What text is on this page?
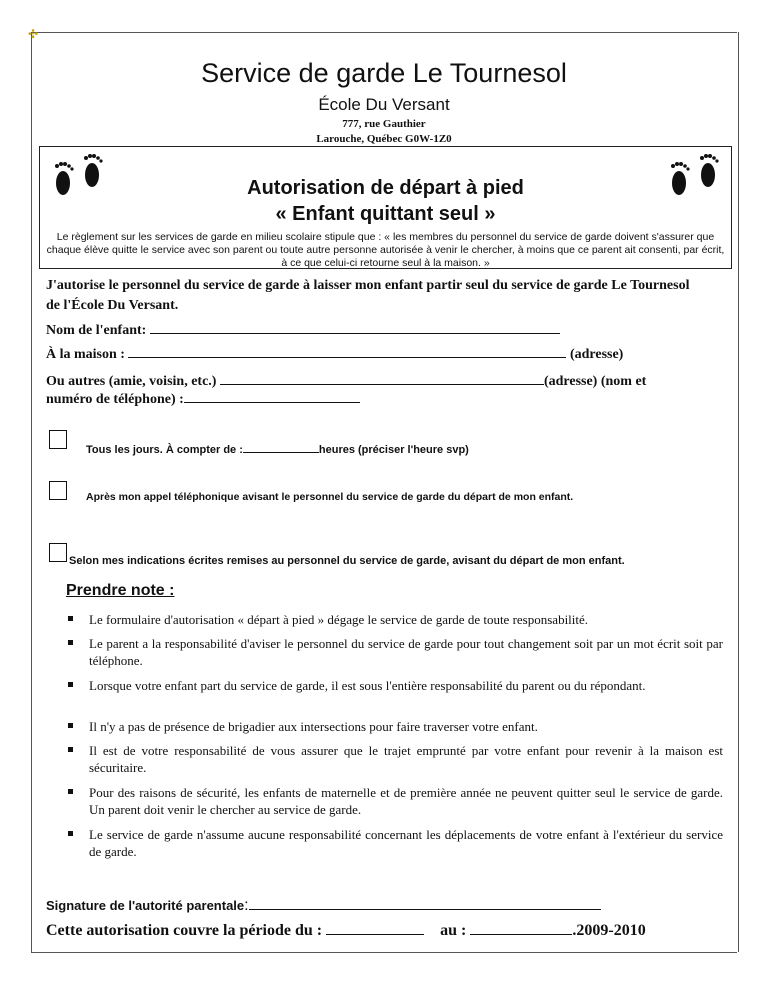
✣
Service de garde Le Tournesol
École Du Versant
777, rue Gauthier
Larouche, Québec G0W-1Z0
Autorisation de départ à pied
« Enfant quittant seul »
Le règlement sur les services de garde en milieu scolaire stipule que : « les membres du personnel du service de garde doivent s'assurer que chaque élève quitte le service avec son parent ou toute autre personne autorisée à venir le chercher, à moins que ce parent ait consenti, par écrit, à ce que celui-ci retourne seul à la maison. »
J'autorise le personnel du service de garde à laisser mon enfant partir seul du service de garde Le Tournesol de l'École Du Versant.
Nom de l'enfant:
À la maison :	(adresse)
Ou autres (amie, voisin, etc.)	(adresse) (nom et
numéro de téléphone) :
Tous les jours. À compter de :	heures (préciser l'heure svp)
Après mon appel téléphonique avisant le personnel du service de garde du départ de mon enfant.
Selon mes indications écrites remises au personnel du service de garde, avisant du départ de mon enfant.
Prendre note :
Le formulaire d'autorisation « départ à pied » dégage le service de garde de toute responsabilité.
Le parent a la responsabilité d'aviser le personnel du service de garde pour tout changement soit par un mot écrit soit par téléphone.
Lorsque votre enfant part du service de garde, il est sous l'entière responsabilité du parent ou du répondant.
Il n'y a pas de présence de brigadier aux intersections pour faire traverser votre enfant.
Il est de votre responsabilité de vous assurer que le trajet emprunté par votre enfant pour revenir à la maison est sécuritaire.
Pour des raisons de sécurité, les enfants de maternelle et de première année ne peuvent quitter seul le service de garde. Un parent doit venir le chercher au service de garde.
Le service de garde n'assume aucune responsabilité concernant les déplacements de votre enfant à l'extérieur du service de garde.
Signature de l'autorité parentale:
Cette autorisation couvre la période du :	au :	.2009-2010
